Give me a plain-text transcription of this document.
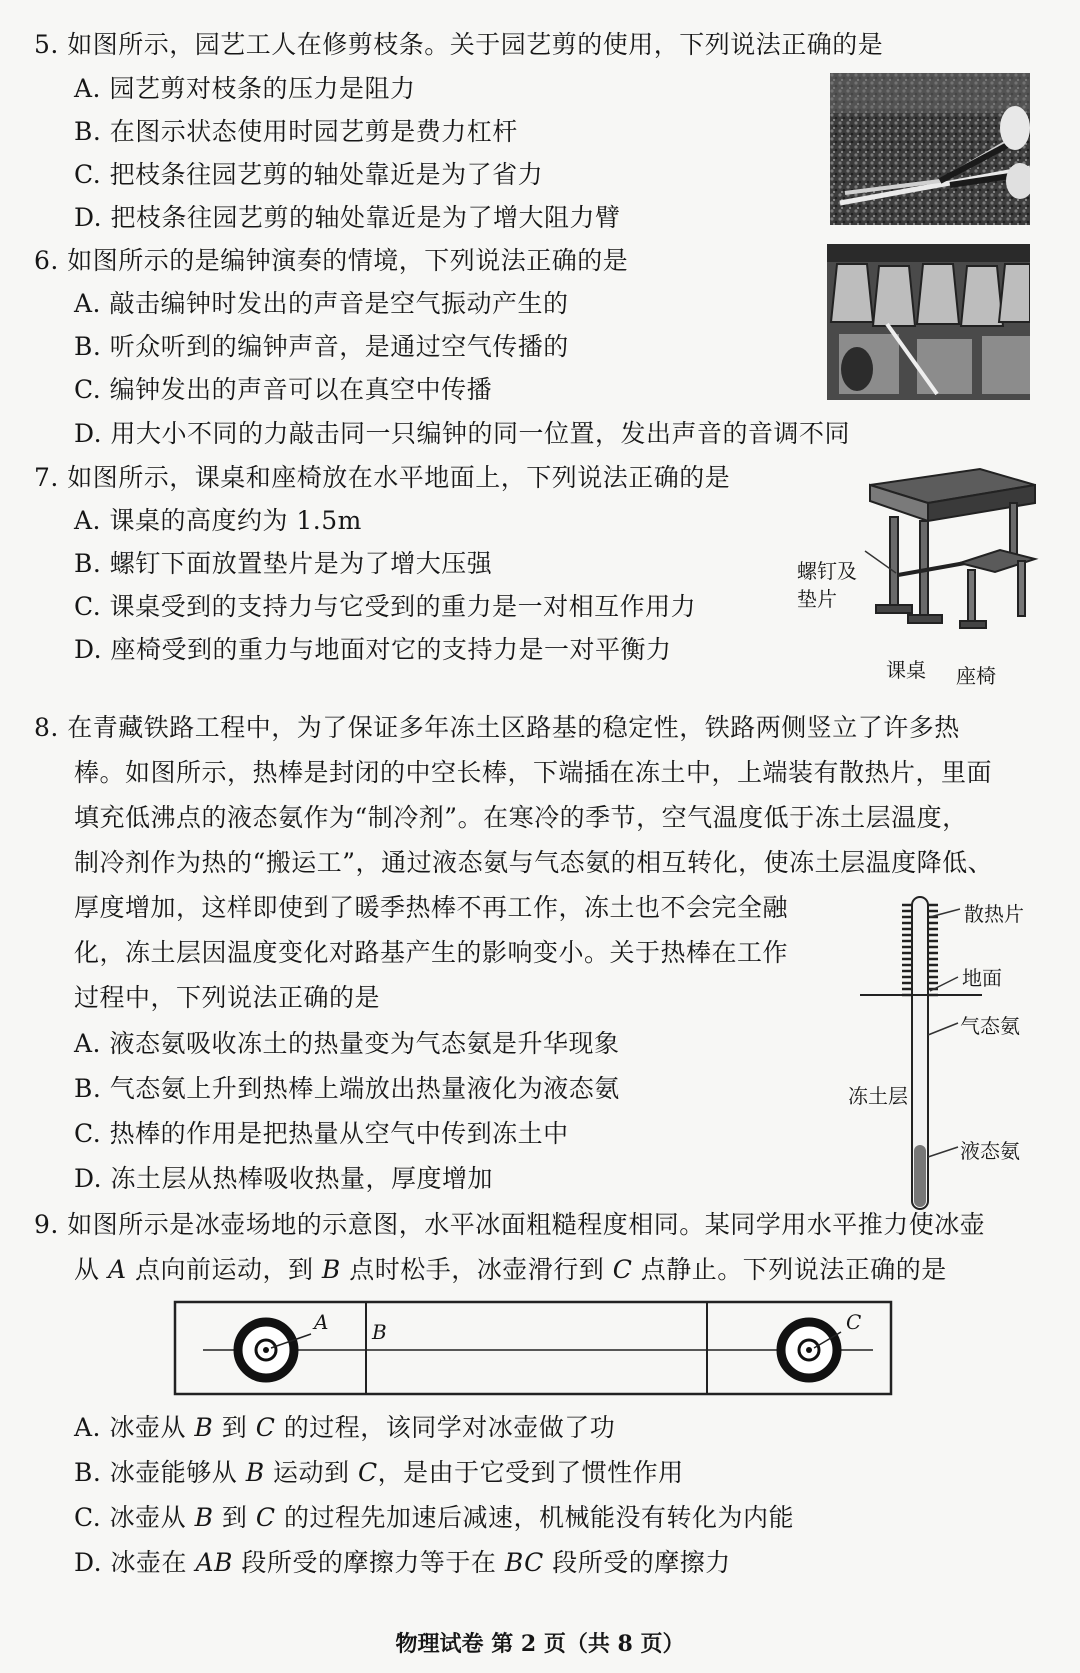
5. 如图所示，园艺工人在修剪枝条。关于园艺剪的使用，下列说法正确的是
A. 园艺剪对枝条的压力是阻力
B. 在图示状态使用时园艺剪是费力杠杆
C. 把枝条往园艺剪的轴处靠近是为了省力
D. 把枝条往园艺剪的轴处靠近是为了增大阻力臂
6. 如图所示的是编钟演奏的情境，下列说法正确的是
A. 敲击编钟时发出的声音是空气振动产生的
B. 听众听到的编钟声音，是通过空气传播的
C. 编钟发出的声音可以在真空中传播
D. 用大小不同的力敲击同一只编钟的同一位置，发出声音的音调不同
7. 如图所示，课桌和座椅放在水平地面上，下列说法正确的是
A. 课桌的高度约为 1.5m
B. 螺钉下面放置垫片是为了增大压强
C. 课桌受到的支持力与它受到的重力是一对相互作用力
D. 座椅受到的重力与地面对它的支持力是一对平衡力
螺钉及
垫片
课桌 座椅
8. 在青藏铁路工程中，为了保证多年冻土区路基的稳定性，铁路两侧竖立了许多热
棒。如图所示，热棒是封闭的中空长棒，下端插在冻土中，上端装有散热片，里面
填充低沸点的液态氨作为“制冷剂”。在寒冷的季节，空气温度低于冻土层温度，
制冷剂作为热的“搬运工”，通过液态氨与气态氨的相互转化，使冻土层温度降低、
厚度增加，这样即使到了暖季热棒不再工作，冻土也不会完全融
化，冻土层因温度变化对路基产生的影响变小。关于热棒在工作
过程中，下列说法正确的是
A. 液态氨吸收冻土的热量变为气态氨是升华现象
B. 气态氨上升到热棒上端放出热量液化为液态氨
C. 热棒的作用是把热量从空气中传到冻土中
D. 冻土层从热棒吸收热量，厚度增加
散热片
地面
气态氨
冻土层
液态氨
9. 如图所示是冰壶场地的示意图，水平冰面粗糙程度相同。某同学用水平推力使冰壶
从 A 点向前运动，到 B 点时松手，冰壶滑行到 C 点静止。下列说法正确的是
A B	C
A. 冰壶从 B 到 C 的过程，该同学对冰壶做了功
B. 冰壶能够从 B 运动到 C，是由于它受到了惯性作用
C. 冰壶从 B 到 C 的过程先加速后减速，机械能没有转化为内能
D. 冰壶在 AB 段所受的摩擦力等于在 BC 段所受的摩擦力
物理试卷 第 2 页（共 8 页）
